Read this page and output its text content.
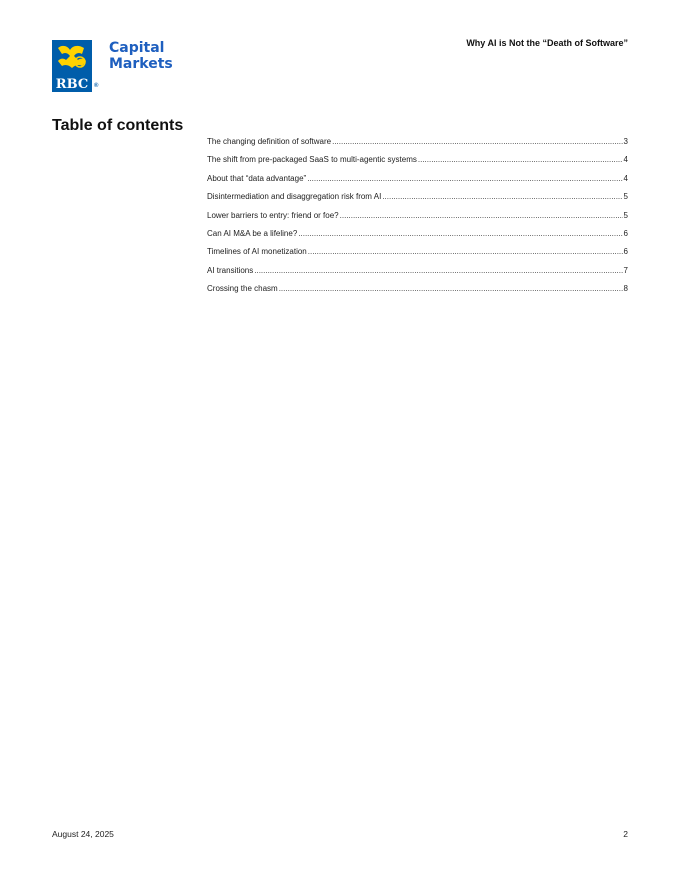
RBC ®
Capital
Markets
Why AI is Not the “Death of Software”
Table of contents
The changing definition of software .....	3
The shift from pre-packaged SaaS to multi-agentic systems .....	4
About that “data advantage” .....	4
Disintermediation and disaggregation risk from AI .....	5
Lower barriers to entry: friend or foe? .....	5
Can AI M&A be a lifeline? .....	6
Timelines of AI monetization .....	6
AI transitions .....	7
Crossing the chasm .....	8
August 24, 2025	2
